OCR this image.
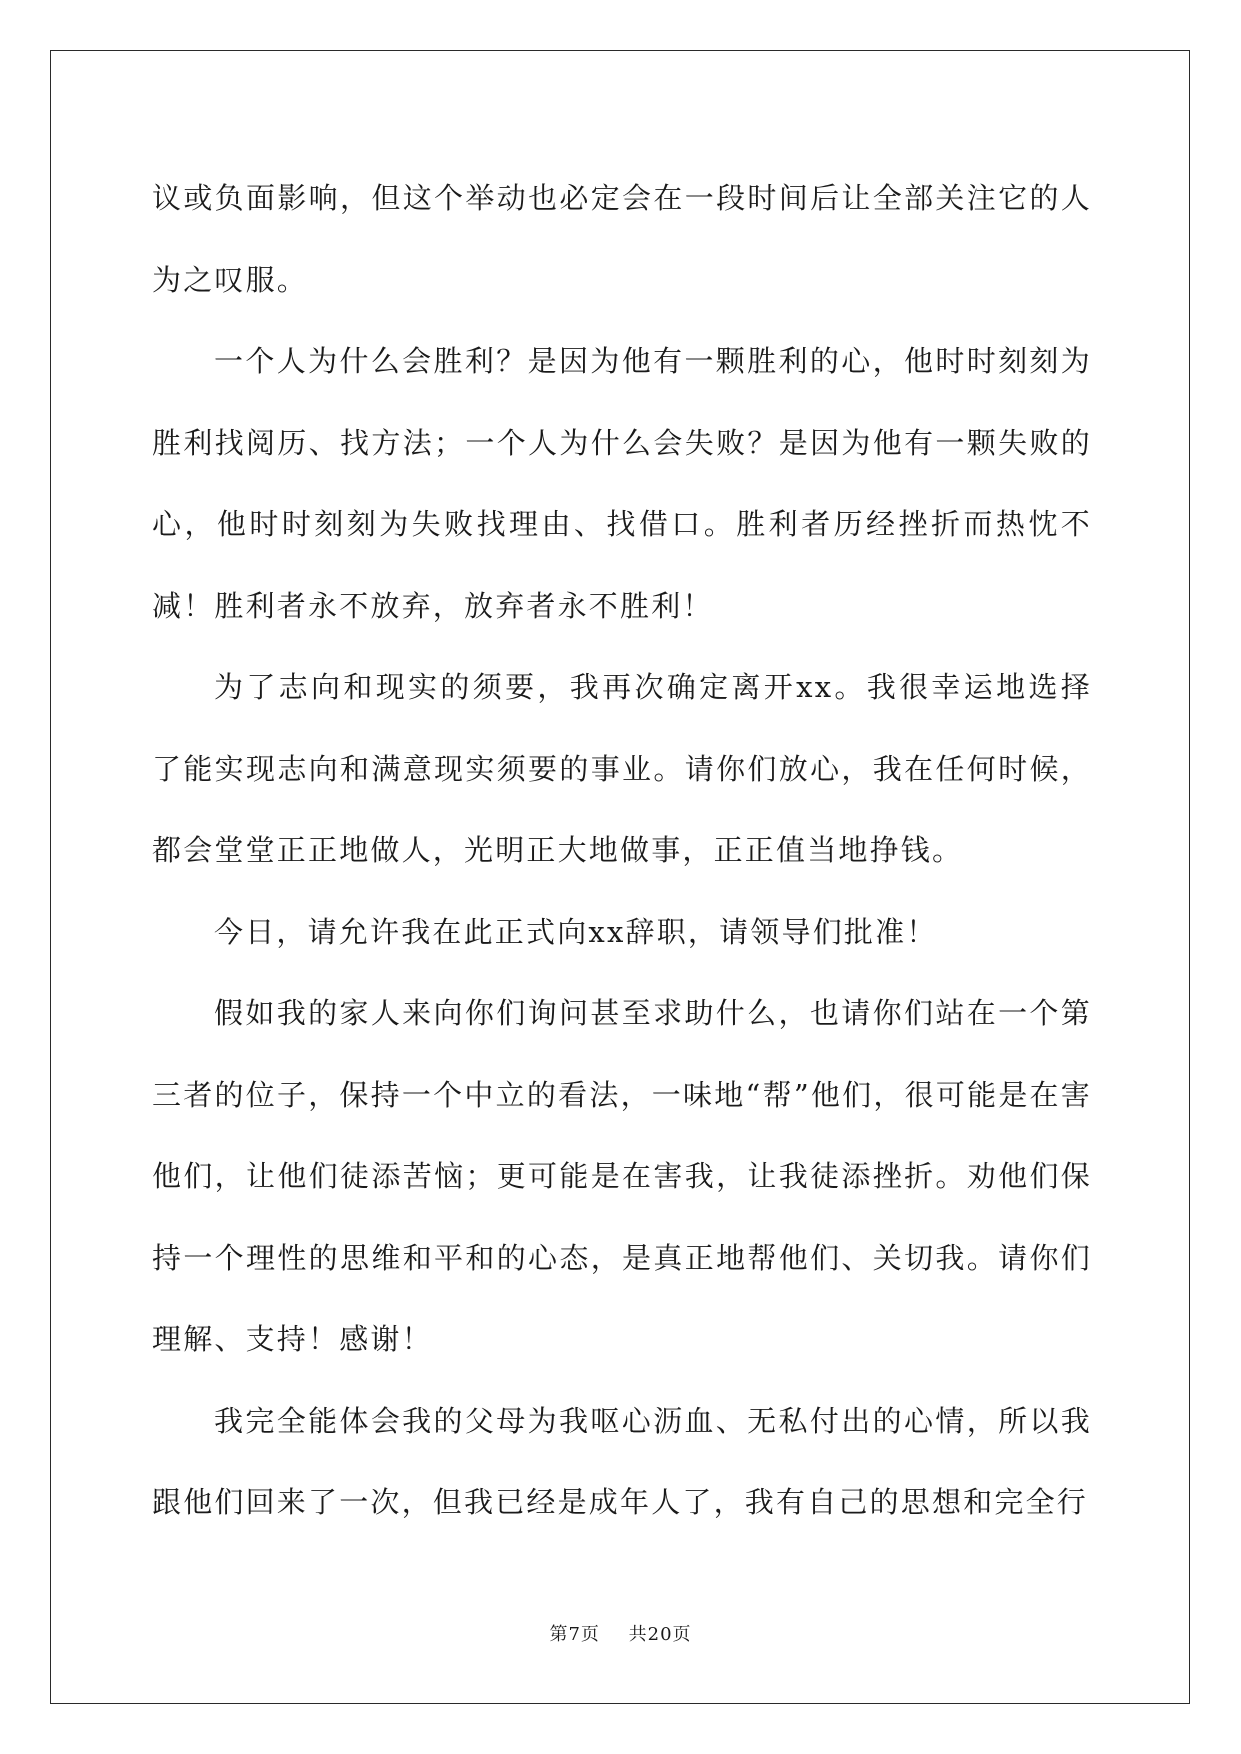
议或负面影响，但这个举动也必定会在一段时间后让全部关注它的人为之叹服。

一个人为什么会胜利？是因为他有一颗胜利的心，他时时刻刻为胜利找阅历、找方法；一个人为什么会失败？是因为他有一颗失败的心，他时时刻刻为失败找理由、找借口。胜利者历经挫折而热忱不减！胜利者永不放弃，放弃者永不胜利！

为了志向和现实的须要，我再次确定离开xx。我很幸运地选择了能实现志向和满意现实须要的事业。请你们放心，我在任何时候，都会堂堂正正地做人，光明正大地做事，正正值当地挣钱。

今日，请允许我在此正式向xx辞职，请领导们批准！

假如我的家人来向你们询问甚至求助什么，也请你们站在一个第三者的位子，保持一个中立的看法，一味地“帮”他们，很可能是在害他们，让他们徒添苦恼；更可能是在害我，让我徒添挫折。劝他们保持一个理性的思维和平和的心态，是真正地帮他们、关切我。请你们理解、支持！感谢！

我完全能体会我的父母为我呕心沥血、无私付出的心情，所以我跟他们回来了一次，但我已经是成年人了，我有自己的思想和完全行

第7页 共20页
